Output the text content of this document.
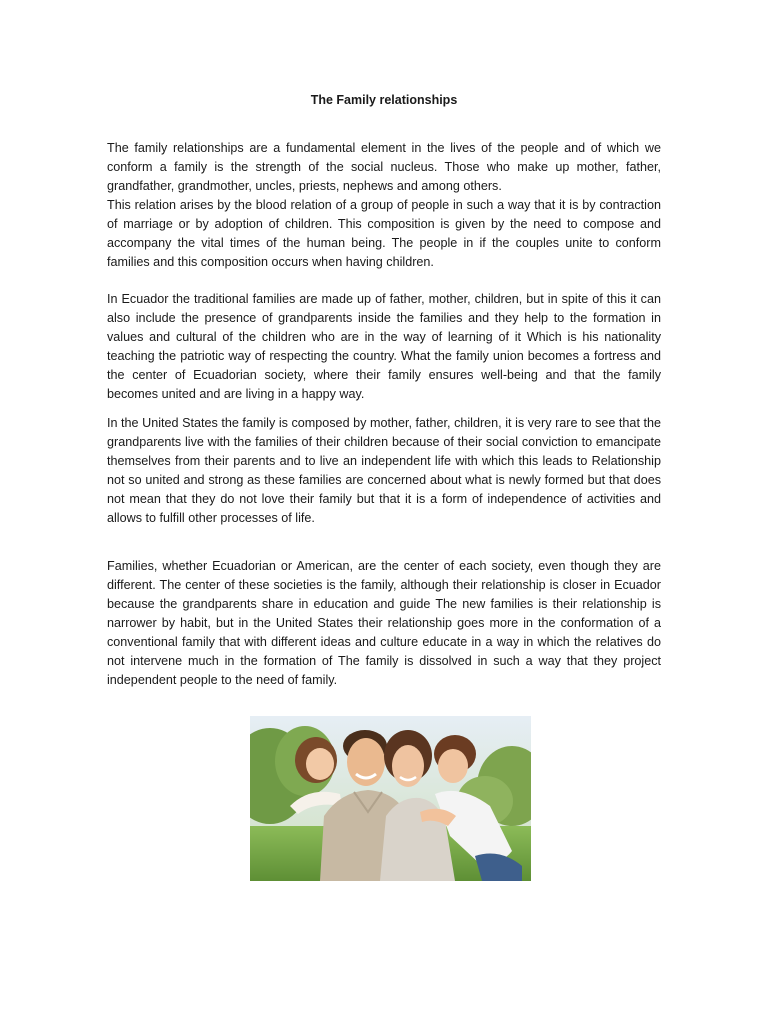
The Family relationships

The family relationships are a fundamental element in the lives of the people and of which we conform a family is the strength of the social nucleus. Those who make up mother, father, grandfather, grandmother, uncles, priests, nephews and among others.

This relation arises by the blood relation of a group of people in such a way that it is by contraction of marriage or by adoption of children. This composition is given by the need to compose and accompany the vital times of the human being. The people in if the couples unite to conform families and this composition occurs when having children.

In Ecuador the traditional families are made up of father, mother, children, but in spite of this it can also include the presence of grandparents inside the families and they help to the formation in values and cultural of the children who are in the way of learning of it Which is his nationality teaching the patriotic way of respecting the country. What the family union becomes a fortress and the center of Ecuadorian society, where their family ensures well-being and that the family becomes united and are living in a happy way.

In the United States the family is composed by mother, father, children, it is very rare to see that the grandparents live with the families of their children because of their social conviction to emancipate themselves from their parents and to live an independent life with which this leads to Relationship not so united and strong as these families are concerned about what is newly formed but that does not mean that they do not love their family but that it is a form of independence of activities and allows to fulfill other processes of life.

Families, whether Ecuadorian or American, are the center of each society, even though they are different. The center of these societies is the family, although their relationship is closer in Ecuador because the grandparents share in education and guide The new families is their relationship is narrower by habit, but in the United States their relationship goes more in the conformation of a conventional family that with different ideas and culture educate in a way in which the relatives do not intervene much in the formation of The family is dissolved in such a way that they project independent people to the need of family.
